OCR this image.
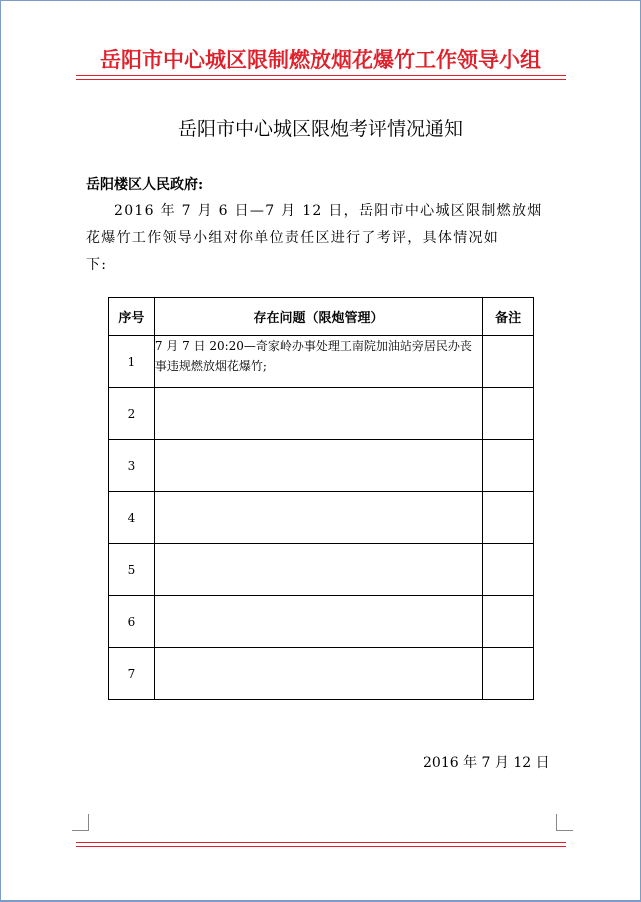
岳阳市中心城区限制燃放烟花爆竹工作领导小组
岳阳市中心城区限炮考评情况通知
岳阳楼区人民政府:
2016 年 7 月 6 日—7 月 12 日，岳阳市中心城区限制燃放烟
花爆竹工作领导小组对你单位责任区进行了考评，具体情况如
下:
序号	存在问题（限炮管理）	备注
1	7 月 7 日 20:20—奇家岭办事处理工南院加油站旁居民办丧事违规燃放烟花爆竹;	
2		
3		
4		
5		
6		
7		
2016 年 7 月 12 日
